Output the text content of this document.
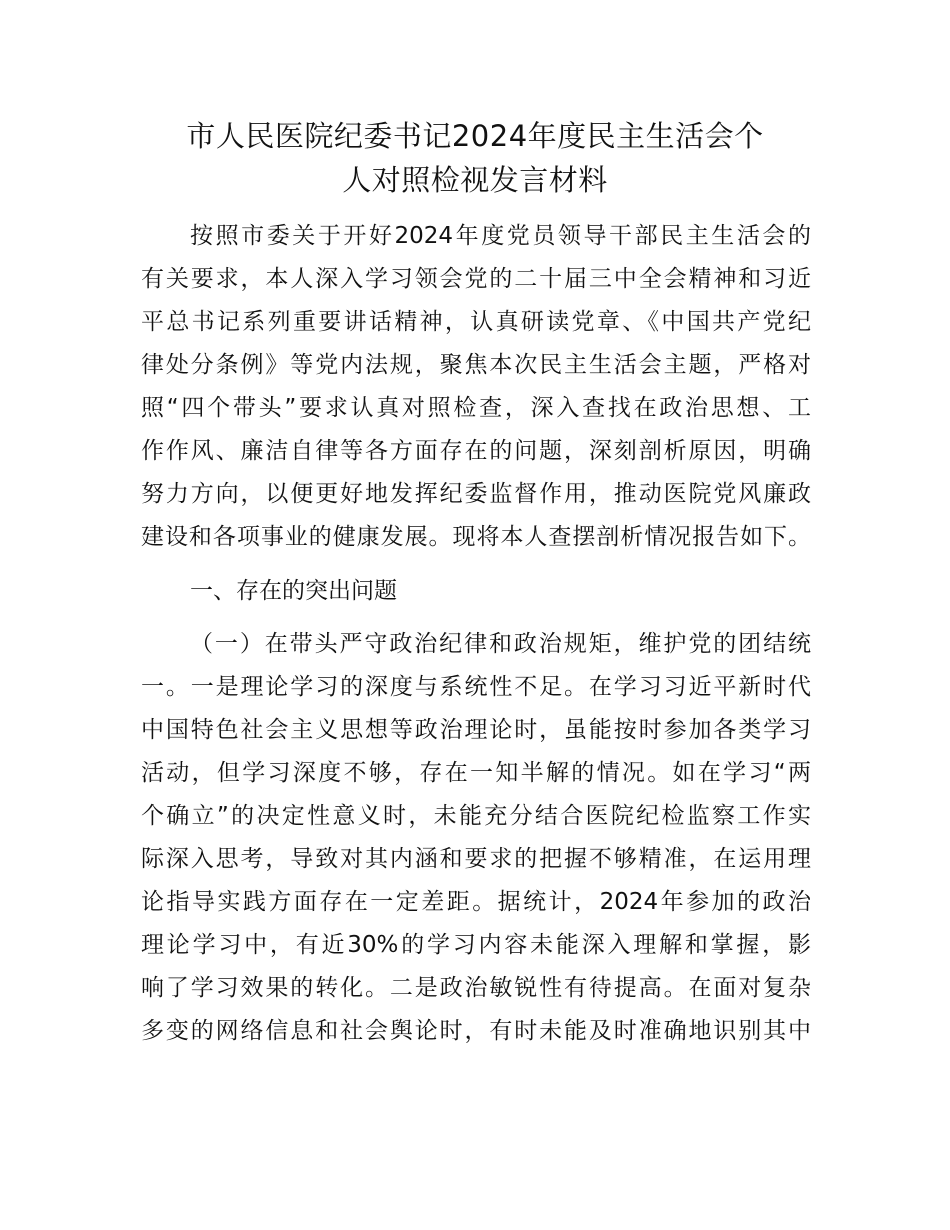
市人民医院纪委书记2024年度民主生活会个
人对照检视发言材料
按照市委关于开好2024年度党员领导干部民主生活会的
有关要求，本人深入学习领会党的二十届三中全会精神和习近
平总书记系列重要讲话精神，认真研读党章、《中国共产党纪
律处分条例》等党内法规，聚焦本次民主生活会主题，严格对
照“四个带头”要求认真对照检查，深入查找在政治思想、工
作作风、廉洁自律等各方面存在的问题，深刻剖析原因，明确
努力方向，以便更好地发挥纪委监督作用，推动医院党风廉政
建设和各项事业的健康发展。现将本人查摆剖析情况报告如下。
一、存在的突出问题
（一）在带头严守政治纪律和政治规矩，维护党的团结统
一。一是理论学习的深度与系统性不足。在学习习近平新时代
中国特色社会主义思想等政治理论时，虽能按时参加各类学习
活动，但学习深度不够，存在一知半解的情况。如在学习“两
个确立”的决定性意义时，未能充分结合医院纪检监察工作实
际深入思考，导致对其内涵和要求的把握不够精准，在运用理
论指导实践方面存在一定差距。据统计，2024年参加的政治
理论学习中，有近30%的学习内容未能深入理解和掌握，影
响了学习效果的转化。二是政治敏锐性有待提高。在面对复杂
多变的网络信息和社会舆论时，有时未能及时准确地识别其中
